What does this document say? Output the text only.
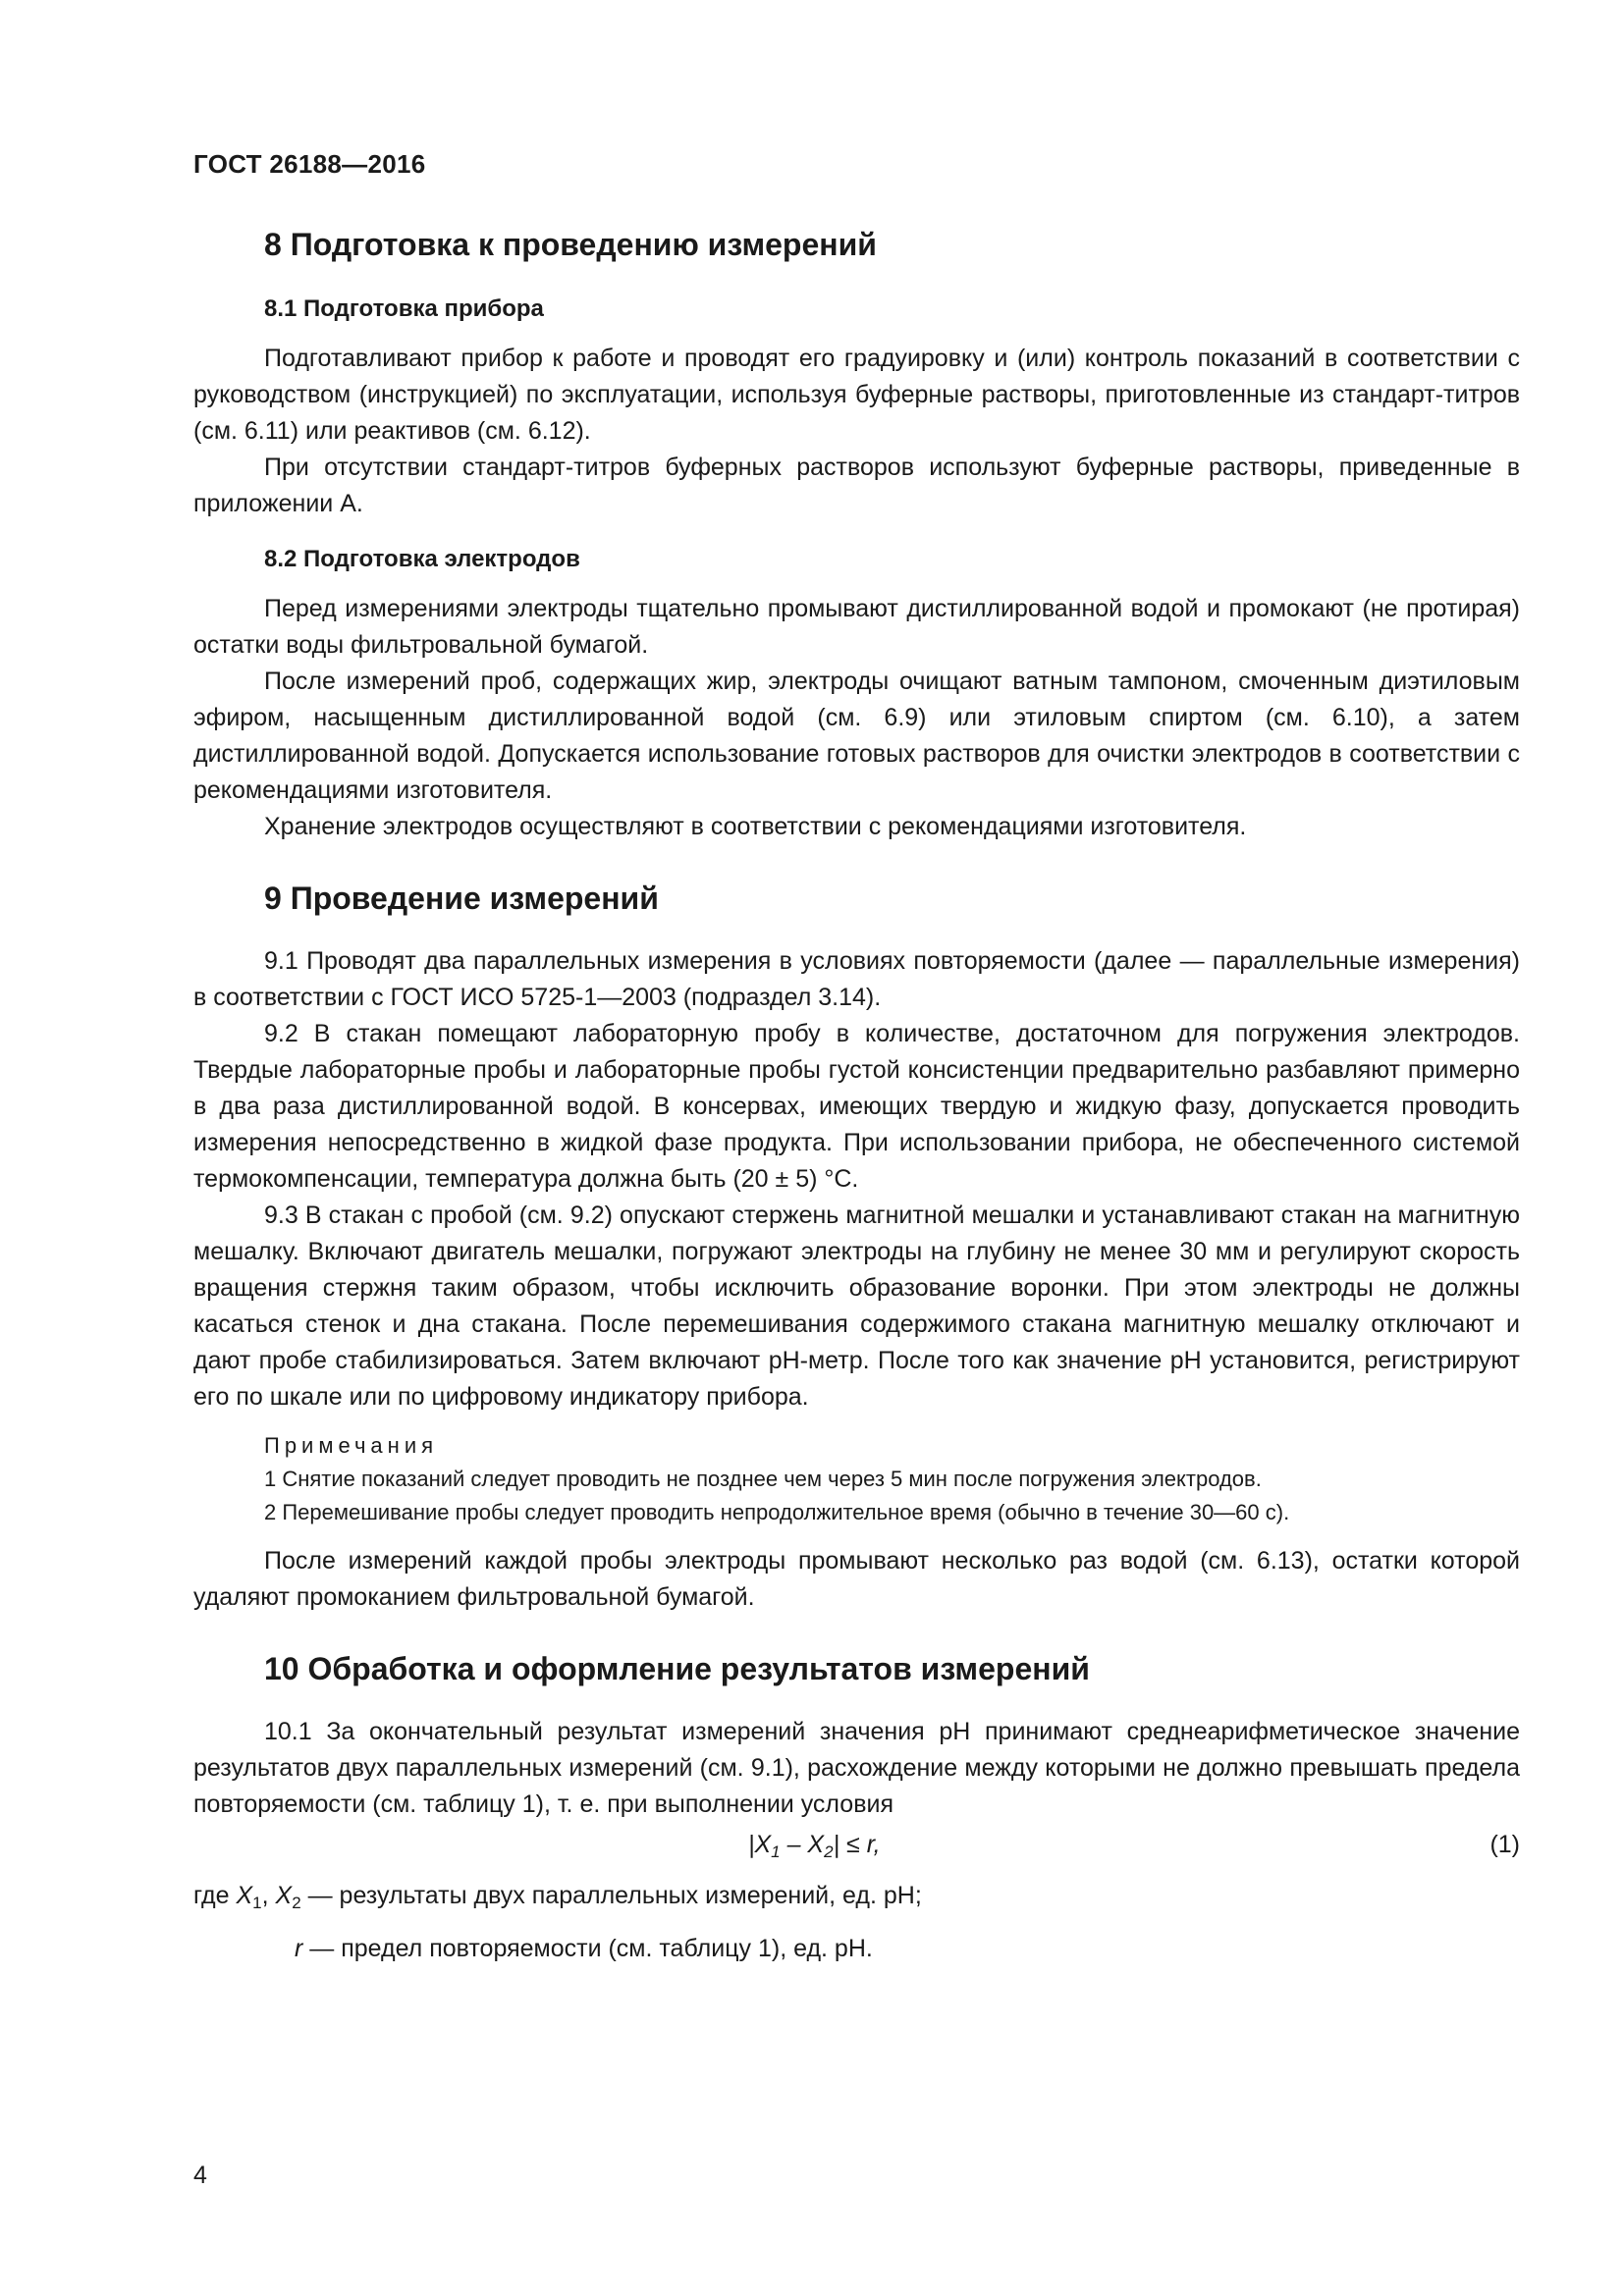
ГОСТ 26188—2016
8 Подготовка к проведению измерений
8.1 Подготовка прибора

Подготавливают прибор к работе и проводят его градуировку и (или) контроль показаний в соответствии с руководством (инструкцией) по эксплуатации, используя буферные растворы, приготовленные из стандарт-титров (см. 6.11) или реактивов (см. 6.12).

При отсутствии стандарт-титров буферных растворов используют буферные растворы, приведенные в приложении А.

8.2 Подготовка электродов

Перед измерениями электроды тщательно промывают дистиллированной водой и промокают (не протирая) остатки воды фильтровальной бумагой.

После измерений проб, содержащих жир, электроды очищают ватным тампоном, смоченным диэтиловым эфиром, насыщенным дистиллированной водой (см. 6.9) или этиловым спиртом (см. 6.10), а затем дистиллированной водой. Допускается использование готовых растворов для очистки электродов в соответствии с рекомендациями изготовителя.

Хранение электродов осуществляют в соответствии с рекомендациями изготовителя.

9 Проведение измерений

9.1 Проводят два параллельных измерения в условиях повторяемости (далее — параллельные измерения) в соответствии с ГОСТ ИСО 5725-1—2003 (подраздел 3.14).

9.2 В стакан помещают лабораторную пробу в количестве, достаточном для погружения электродов. Твердые лабораторные пробы и лабораторные пробы густой консистенции предварительно разбавляют примерно в два раза дистиллированной водой. В консервах, имеющих твердую и жидкую фазу, допускается проводить измерения непосредственно в жидкой фазе продукта. При использовании прибора, не обеспеченного системой термокомпенсации, температура должна быть (20 ± 5) °С.

9.3 В стакан с пробой (см. 9.2) опускают стержень магнитной мешалки и устанавливают стакан на магнитную мешалку. Включают двигатель мешалки, погружают электроды на глубину не менее 30 мм и регулируют скорость вращения стержня таким образом, чтобы исключить образование воронки. При этом электроды не должны касаться стенок и дна стакана. После перемешивания содержимого стакана магнитную мешалку отключают и дают пробе стабилизироваться. Затем включают рН-метр. После того как значение рН установится, регистрируют его по шкале или по цифровому индикатору прибора.

Примечания
1 Снятие показаний следует проводить не позднее чем через 5 мин после погружения электродов.
2 Перемешивание пробы следует проводить непродолжительное время (обычно в течение 30—60 с).

После измерений каждой пробы электроды промывают несколько раз водой (см. 6.13), остатки которой удаляют промоканием фильтровальной бумагой.

10 Обработка и оформление результатов измерений

10.1 За окончательный результат измерений значения рН принимают среднеарифметическое значение результатов двух параллельных измерений (см. 9.1), расхождение между которыми не должно превышать предела повторяемости (см. таблицу 1), т. е. при выполнении условия

$|X_1 - X_2| \le r$,	(1)
где $X_1$, $X_2$ — результаты двух параллельных измерений, ед. рН;
r — предел повторяемости (см. таблицу 1), ед. рН.
4
